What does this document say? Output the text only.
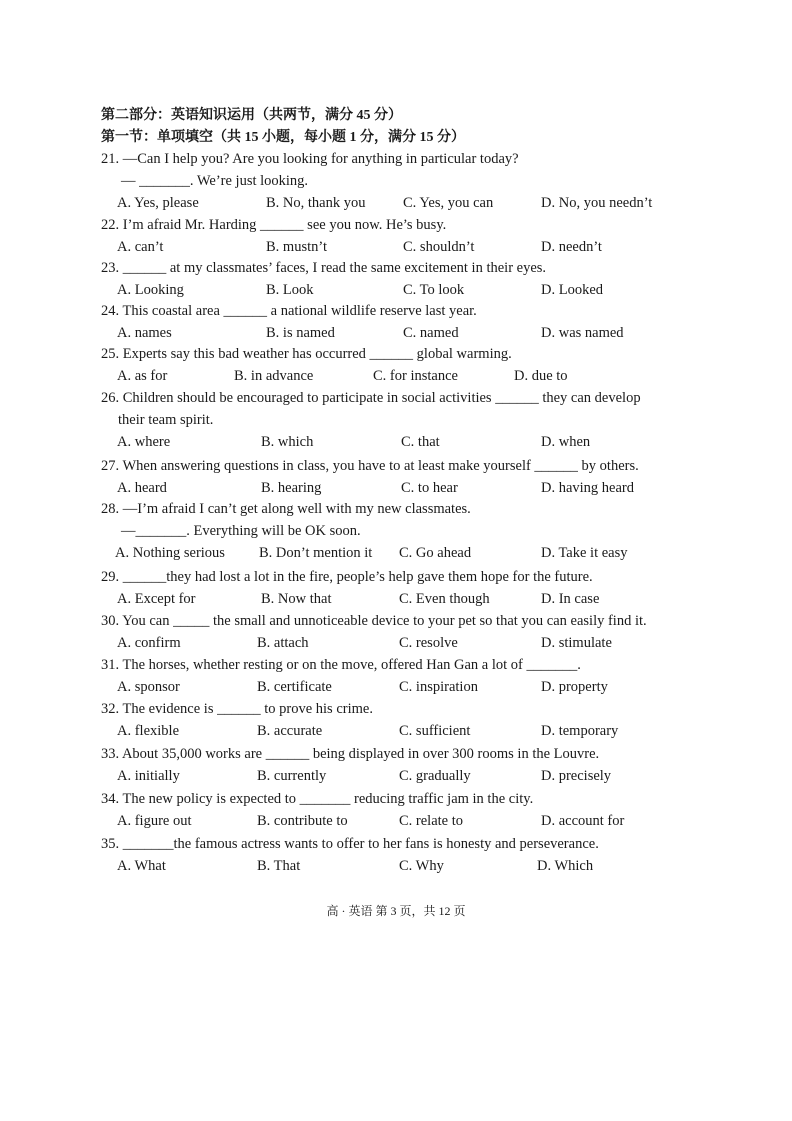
第二部分：英语知识运用（共两节，满分 45 分）
第一节：单项填空（共 15 小题，每小题 1 分，满分 15 分）
21. —Can I help you? Are you looking for anything in particular today?
— _______. We’re just looking.
A. Yes, please	B. No, thank you	C. Yes, you can	D. No, you needn’t
22. I’m afraid Mr. Harding ______ see you now. He’s busy.
A. can’t	B. mustn’t	C. shouldn’t	D. needn’t
23. ______ at my classmates’ faces, I read the same excitement in their eyes.
A. Looking	B. Look	C. To look	D. Looked
24. This coastal area ______ a national wildlife reserve last year.
A. names	B. is named	C. named	D. was named
25. Experts say this bad weather has occurred ______ global warming.
A. as for	B. in advance	C. for instance	D. due to
26. Children should be encouraged to participate in social activities ______ they can develop
their team spirit.
A. where	B. which	C. that	D. when
27. When answering questions in class, you have to at least make yourself ______ by others.
A. heard	B. hearing	C. to hear	D. having heard
28. —I’m afraid I can’t get along well with my new classmates.
—_______. Everything will be OK soon.
A. Nothing serious B. Don’t mention it C. Go ahead	D. Take it easy
29. ______they had lost a lot in the fire, people’s help gave them hope for the future.
A. Except for	B. Now that	C. Even though	D. In case
30. You can _____ the small and unnoticeable device to your pet so that you can easily find it.
A. confirm	B. attach	C. resolve	D. stimulate
31. The horses, whether resting or on the move, offered Han Gan a lot of _______.
A. sponsor	B. certificate	C. inspiration	D. property
32. The evidence is ______ to prove his crime.
A. flexible	B. accurate	C. sufficient	D. temporary
33. About 35,000 works are ______ being displayed in over 300 rooms in the Louvre.
A. initially	B. currently	C. gradually	D. precisely
34. The new policy is expected to _______ reducing traffic jam in the city.
A. figure out	B. contribute to	C. relate to	D. account for
35. _______the famous actress wants to offer to her fans is honesty and perseverance.
A. What	B. That	C. Why	D. Which
高 · 英语 第 3 页，共 12 页
